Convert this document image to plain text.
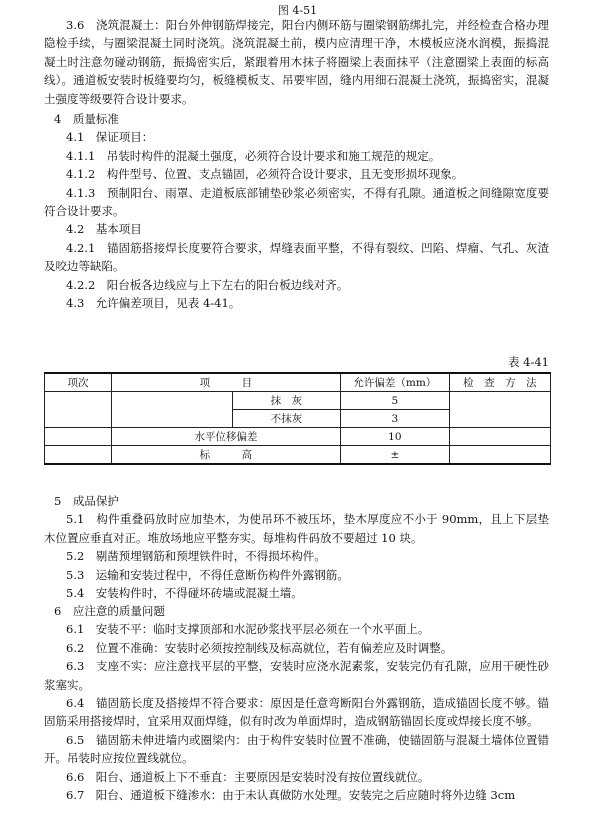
图 4-51

3.6　浇筑混凝土：阳台外伸钢筋焊接完，阳台内侧环筋与圈梁钢筋绑扎完，并经检查合格办理隐检手续，与圈梁混凝土同时浇筑。浇筑混凝土前，模内应清理干净，木模板应浇水润模，振捣混凝土时注意勿碰动钢筋，振捣密实后，紧跟着用木抹子将圈梁上表面抹平（注意圈梁上表面的标高线）。通道板安装时板缝要均匀，板缝模板支、吊要牢固，缝内用细石混凝土浇筑，振捣密实，混凝土强度等级要符合设计要求。

4　质量标准

4.1　保证项目：

4.1.1　吊装时构件的混凝土强度，必须符合设计要求和施工规范的规定。

4.1.2　构件型号、位置、支点锚固，必须符合设计要求，且无变形损坏现象。

4.1.3　预制阳台、雨罩、走道板底部铺垫砂浆必须密实，不得有孔隙。通道板之间缝隙宽度要符合设计要求。

4.2　基本项目

4.2.1　锚固筋搭接焊长度要符合要求，焊缝表面平整，不得有裂纹、凹陷、焊瘤、气孔、灰渣及咬边等缺陷。

4.2.2　阳台板各边线应与上下左右的阳台板边线对齐。

4.3　允许偏差项目，见表 4-41。

表 4-41
项次	项　　　目		允许偏差（mm）	检　查　方　法
		抹　灰	5	
		不抹灰	3	
	水平位移偏差		10	
	标　　　高		±	

5　成品保护

5.1　构件重叠码放时应加垫木，为使吊环不被压坏，垫木厚度应不小于 90mm，且上下层垫木位置应垂直对正。堆放场地应平整夯实。每堆构件码放不要超过 10 块。

5.2　剔凿预埋钢筋和预埋铁件时，不得损坏构件。

5.3　运输和安装过程中，不得任意断伤构件外露钢筋。

5.4　安装构件时，不得碰坏砖墙或混凝土墙。

6　应注意的质量问题

6.1　安装不平：临时支撑顶部和水泥砂浆找平层必须在一个水平面上。

6.2　位置不准确：安装时必须按控制线及标高就位，若有偏差应及时调整。

6.3　支座不实：应注意找平层的平整，安装时应浇水泥素浆，安装完仍有孔隙，应用干硬性砂浆塞实。

6.4　锚固筋长度及搭接焊不符合要求：原因是任意弯断阳台外露钢筋，造成锚固长度不够。锚固筋采用搭接焊时，宜采用双面焊缝，似有时改为单面焊时，造成钢筋锚固长度或焊接长度不够。

6.5　锚固筋未伸进墙内或圈梁内：由于构件安装时位置不准确，使锚固筋与混凝土墙体位置错开。吊装时应按位置线就位。

6.6　阳台、通道板上下不垂直：主要原因是安装时没有按位置线就位。

6.7　阳台、通道板下缝渗水：由于未认真做防水处理。安装完之后应随时将外边缝 3cm
